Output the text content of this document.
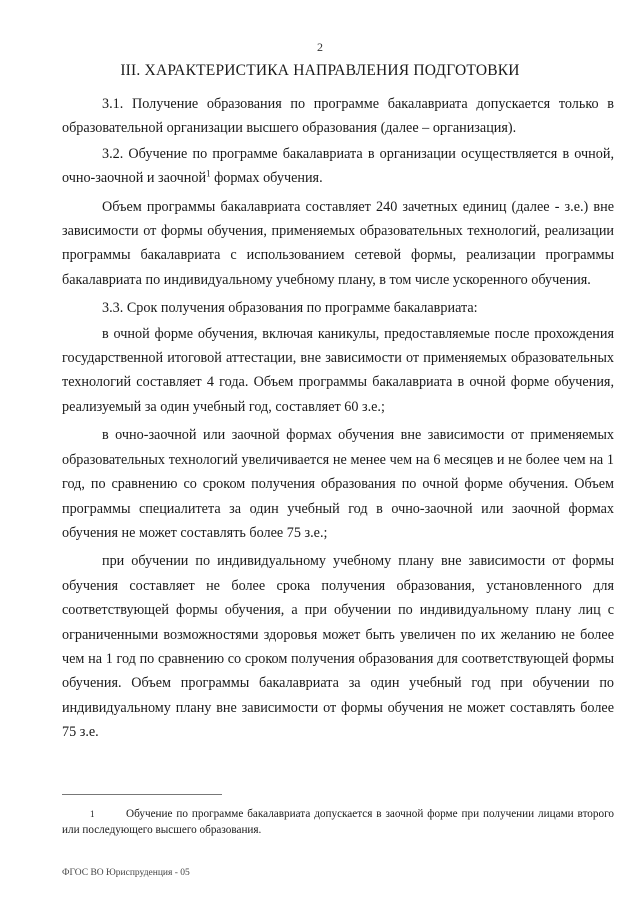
2
III. ХАРАКТЕРИСТИКА НАПРАВЛЕНИЯ ПОДГОТОВКИ

3.1. Получение образования по программе бакалавриата допускается только в образовательной организации высшего образования (далее – организация).

3.2. Обучение по программе бакалавриата в организации осуществляется в очной, очно-заочной и заочной$^1$ формах обучения.

Объем программы бакалавриата составляет 240 зачетных единиц (далее - з.е.) вне зависимости от формы обучения, применяемых образовательных технологий, реализации программы бакалавриата с использованием сетевой формы, реализации программы бакалавриата по индивидуальному учебному плану, в том числе ускоренного обучения.

3.3. Срок получения образования по программе бакалавриата:

в очной форме обучения, включая каникулы, предоставляемые после прохождения государственной итоговой аттестации, вне зависимости от применяемых образовательных технологий составляет 4 года. Объем программы бакалавриата в очной форме обучения, реализуемый за один учебный год, составляет 60 з.е.;

в очно-заочной или заочной формах обучения вне зависимости от применяемых образовательных технологий увеличивается не менее чем на 6 месяцев и не более чем на 1 год, по сравнению со сроком получения образования по очной форме обучения. Объем программы специалитета за один учебный год в очно-заочной или заочной формах обучения не может составлять более 75 з.е.;

при обучении по индивидуальному учебному плану вне зависимости от формы обучения составляет не более срока получения образования, установленного для соответствующей формы обучения, а при обучении по индивидуальному плану лиц с ограниченными возможностями здоровья может быть увеличен по их желанию не более чем на 1 год по сравнению со сроком получения образования для соответствующей формы обучения. Объем программы бакалавриата за один учебный год при обучении по индивидуальному плану вне зависимости от формы обучения не может составлять более 75 з.е.

1	Обучение по программе бакалавриата допускается в заочной форме при получении лицами второго или последующего высшего образования.
ФГОС ВО Юриспруденция - 05
